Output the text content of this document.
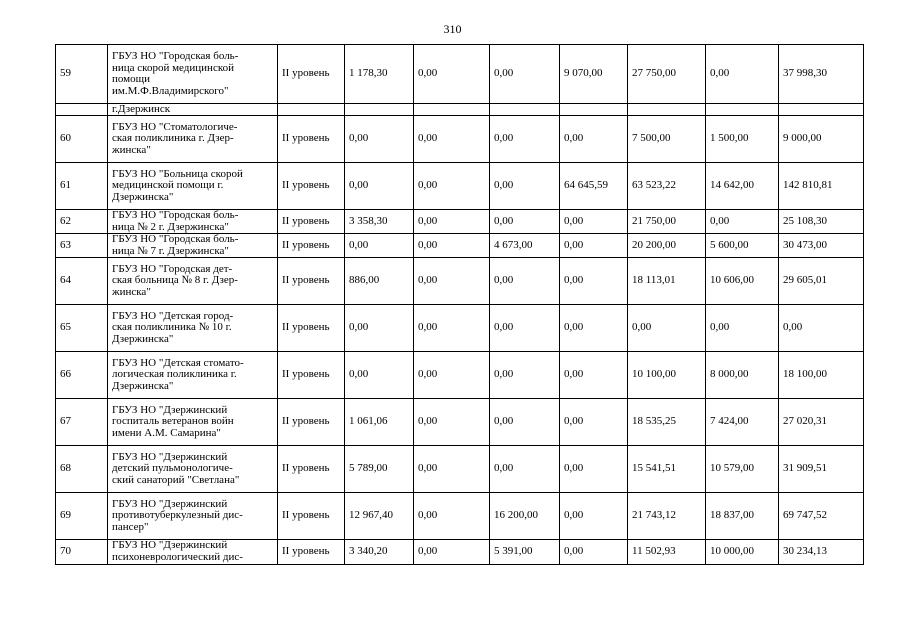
310
59	ГБУЗ НО "Городская боль-
ница скорой медицинской
помощи
им.М.Ф.Владимирского"	II уровень	1 178,30	0,00	0,00	9 070,00	27 750,00	0,00	37 998,30
	г.Дзержинск								
60	ГБУЗ НО "Стоматологиче-
ская поликлиника г. Дзер-
жинска"	II уровень	0,00	0,00	0,00	0,00	7 500,00	1 500,00	9 000,00
61	ГБУЗ НО "Больница скорой
медицинской помощи г.
Дзержинска"	II уровень	0,00	0,00	0,00	64 645,59	63 523,22	14 642,00	142 810,81
62	ГБУЗ НО "Городская боль-
ница № 2 г. Дзержинска"	II уровень	3 358,30	0,00	0,00	0,00	21 750,00	0,00	25 108,30
63	ГБУЗ НО "Городская боль-
ница № 7 г. Дзержинска"	II уровень	0,00	0,00	4 673,00	0,00	20 200,00	5 600,00	30 473,00
64	ГБУЗ НО "Городская дет-
ская больница № 8 г. Дзер-
жинска"	II уровень	886,00	0,00	0,00	0,00	18 113,01	10 606,00	29 605,01
65	ГБУЗ НО "Детская город-
ская поликлиника № 10 г.
Дзержинска"	II уровень	0,00	0,00	0,00	0,00	0,00	0,00	0,00
66	ГБУЗ НО "Детская стомато-
логическая поликлиника г.
Дзержинска"	II уровень	0,00	0,00	0,00	0,00	10 100,00	8 000,00	18 100,00
67	ГБУЗ НО "Дзержинский
госпиталь ветеранов войн
имени А.М. Самарина"	II уровень	1 061,06	0,00	0,00	0,00	18 535,25	7 424,00	27 020,31
68	ГБУЗ НО "Дзержинский
детский пульмонологиче-
ский санаторий "Светлана"	II уровень	5 789,00	0,00	0,00	0,00	15 541,51	10 579,00	31 909,51
69	ГБУЗ НО "Дзержинский
противотуберкулезный дис-
пансер"	II уровень	12 967,40	0,00	16 200,00	0,00	21 743,12	18 837,00	69 747,52
70	ГБУЗ НО "Дзержинский
психоневрологический дис-	II уровень	3 340,20	0,00	5 391,00	0,00	11 502,93	10 000,00	30 234,13
